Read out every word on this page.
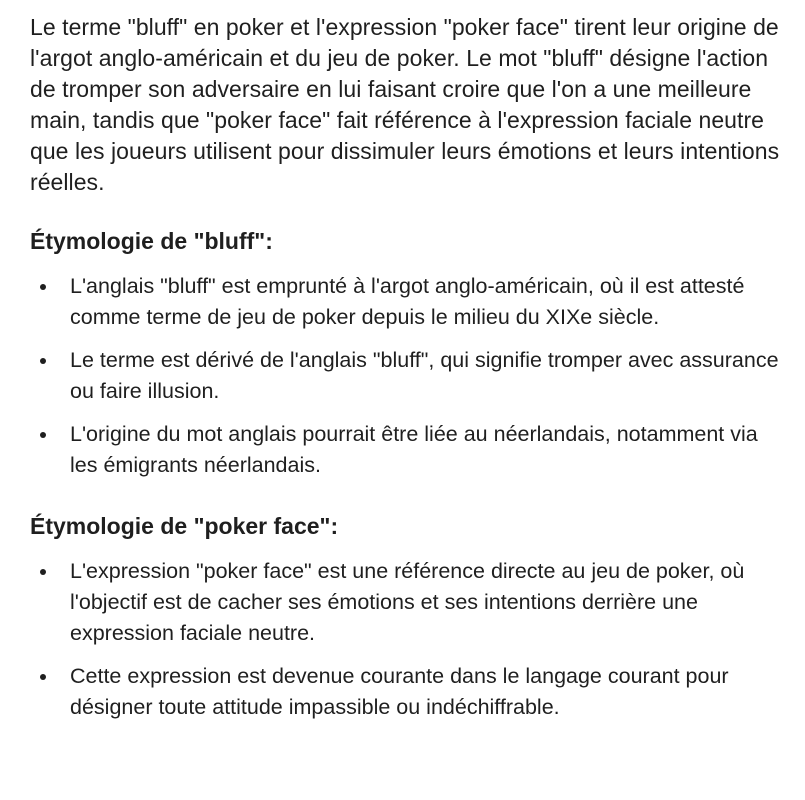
Le terme "bluff" en poker et l'expression "poker face" tirent leur origine de l'argot anglo-américain et du jeu de poker. Le mot "bluff" désigne l'action de tromper son adversaire en lui faisant croire que l'on a une meilleure main, tandis que "poker face" fait référence à l'expression faciale neutre que les joueurs utilisent pour dissimuler leurs émotions et leurs intentions réelles.

Étymologie de "bluff":
L'anglais "bluff" est emprunté à l'argot anglo-américain, où il est attesté comme terme de jeu de poker depuis le milieu du XIXe siècle.
Le terme est dérivé de l'anglais "bluff", qui signifie tromper avec assurance ou faire illusion.
L'origine du mot anglais pourrait être liée au néerlandais, notamment via les émigrants néerlandais.
Étymologie de "poker face":
L'expression "poker face" est une référence directe au jeu de poker, où l'objectif est de cacher ses émotions et ses intentions derrière une expression faciale neutre.
Cette expression est devenue courante dans le langage courant pour désigner toute attitude impassible ou indéchiffrable.
